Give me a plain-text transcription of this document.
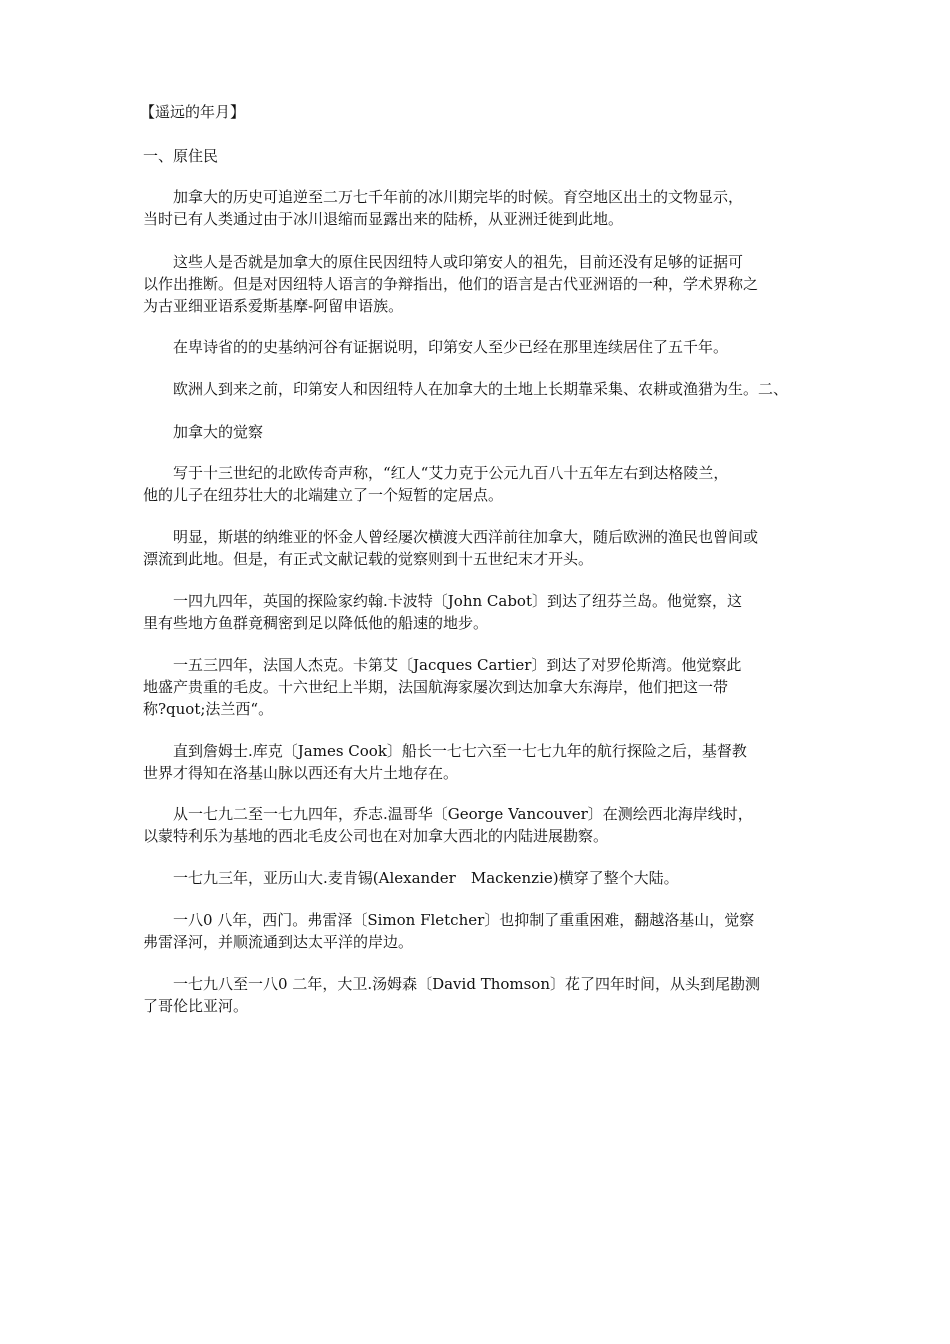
【遥远的年月】

一、原住民

　　加拿大的历史可追逆至二万七千年前的冰川期完毕的时候。育空地区出土的文物显示，
当时已有人类通过由于冰川退缩而显露出来的陆桥，从亚洲迁徙到此地。

　　这些人是否就是加拿大的原住民因纽特人或印第安人的祖先，目前还没有足够的证据可
以作出推断。但是对因纽特人语言的争辩指出，他们的语言是古代亚洲语的一种，学术界称之
为古亚细亚语系爱斯基摩-阿留申语族。

　　在卑诗省的的史基纳河谷有证据说明，印第安人至少已经在那里连续居住了五千年。

　　欧洲人到来之前，印第安人和因纽特人在加拿大的土地上长期靠采集、农耕或渔猎为生。二、

　　加拿大的觉察

　　写于十三世纪的北欧传奇声称，“红人“艾力克于公元九百八十五年左右到达格陵兰，
他的儿子在纽芬壮大的北端建立了一个短暂的定居点。

　　明显，斯堪的纳维亚的怀金人曾经屡次横渡大西洋前往加拿大，随后欧洲的渔民也曾间或
漂流到此地。但是，有正式文献记载的觉察则到十五世纪末才开头。

　　一四九四年，英国的探险家约翰.卡波特〔John Cabot〕到达了纽芬兰岛。他觉察，这
里有些地方鱼群竟稠密到足以降低他的船速的地步。

　　一五三四年，法国人杰克。卡第艾〔Jacques Cartier〕到达了对罗伦斯湾。他觉察此
地盛产贵重的毛皮。十六世纪上半期，法国航海家屡次到达加拿大东海岸，他们把这一带
称?quot;法兰西“。

　　直到詹姆士.库克〔James Cook〕船长一七七六至一七七九年的航行探险之后，基督教
世界才得知在洛基山脉以西还有大片土地存在。

　　从一七九二至一七九四年，乔志.温哥华〔George Vancouver〕在测绘西北海岸线时，
以蒙特利乐为基地的西北毛皮公司也在对加拿大西北的内陆进展勘察。

　　一七九三年，亚历山大.麦肯锡(Alexander　Mackenzie)横穿了整个大陆。

　　一八0 八年，西门。弗雷泽〔Simon Fletcher〕也抑制了重重困难，翻越洛基山，觉察
弗雷泽河，并顺流通到达太平洋的岸边。

　　一七九八至一八0 二年，大卫.汤姆森〔David Thomson〕花了四年时间，从头到尾勘测
了哥伦比亚河。
